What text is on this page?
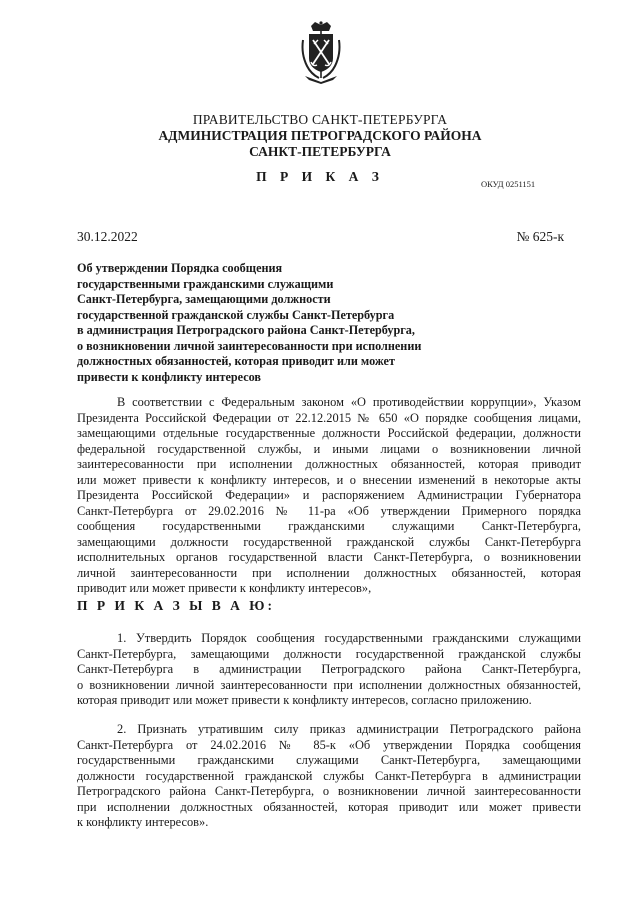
ПРАВИТЕЛЬСТВО САНКТ-ПЕТЕРБУРГА
АДМИНИСТРАЦИЯ ПЕТРОГРАДСКОГО РАЙОНА
САНКТ-ПЕТЕРБУРГА
П Р И К А З	ОКУД 0251151
30.12.2022	№ 625-к
Об утверждении Порядка сообщения
государственными гражданскими служащими
Санкт-Петербурга, замещающими должности
государственной гражданской службы Санкт-Петербурга
в администрация Петроградского района Санкт-Петербурга,
о возникновении личной заинтересованности при исполнении
должностных обязанностей, которая приводит или может
привести к конфликту интересов
В соответствии с Федеральным законом «О противодействии коррупции», Указом
Президента Российской Федерации от 22.12.2015 № 650 «О порядке сообщения лицами,
замещающими отдельные государственные должности Российской федерации, должности
федеральной государственной службы, и иными лицами о возникновении личной
заинтересованности при исполнении должностных обязанностей, которая приводит
или может привести к конфликту интересов, и о внесении изменений в некоторые акты
Президента Российской Федерации» и распоряжением Администрации Губернатора
Санкт-Петербурга от 29.02.2016 № 11-ра «Об утверждении Примерного порядка
сообщения государственными гражданскими служащими Санкт-Петербурга,
замещающими должности государственной гражданской службы Санкт-Петербурга
исполнительных органов государственной власти Санкт-Петербурга, о возникновении
личной заинтересованности при исполнении должностных обязанностей, которая
приводит или может привести к конфликту интересов»,
П Р И К А З Ы В А Ю:
1. Утвердить Порядок сообщения государственными гражданскими служащими
Санкт-Петербурга, замещающими должности государственной гражданской службы
Санкт-Петербурга в администрации Петроградского района Санкт-Петербурга,
о возникновении личной заинтересованности при исполнении должностных обязанностей,
которая приводит или может привести к конфликту интересов, согласно приложению.
2. Признать утратившим силу приказ администрации Петроградского района
Санкт-Петербурга от 24.02.2016 № 85-к «Об утверждении Порядка сообщения
государственными гражданскими служащими Санкт-Петербурга, замещающими
должности государственной гражданской службы Санкт-Петербурга в администрации
Петроградского района Санкт-Петербурга, о возникновении личной заинтересованности
при исполнении должностных обязанностей, которая приводит или может привести
к конфликту интересов».
